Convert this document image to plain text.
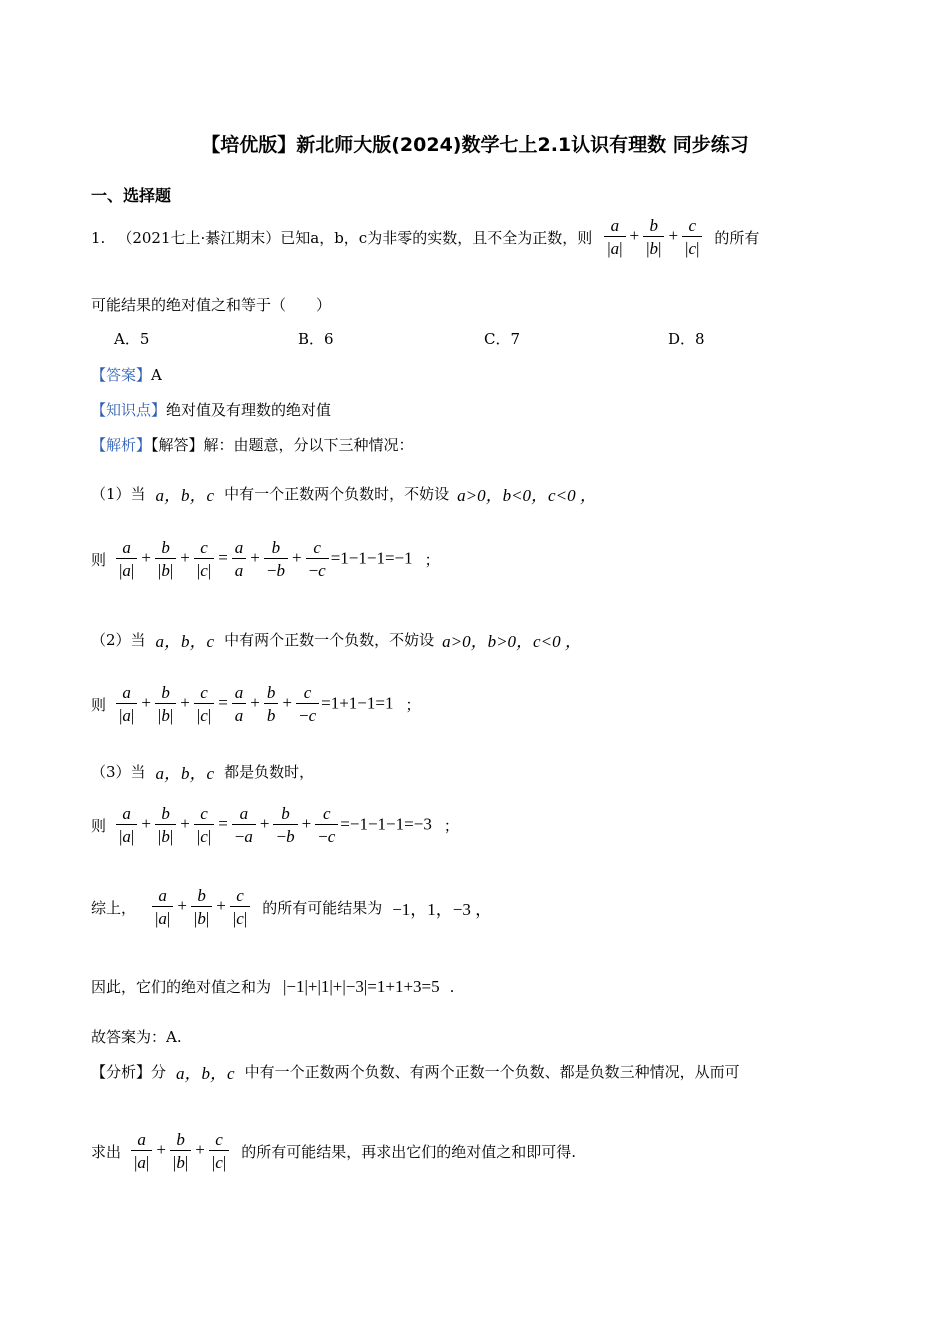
【培优版】新北师大版(2024)数学七上2.1认识有理数 同步练习
一、选择题
1. （2021七上·綦江期末） 已知a，b，c为非零的实数，且不全为正数，则 $\frac{a}{|a|} + \frac{b}{|b|} + \frac{c}{|c|}$ 的所有
可能结果的绝对值之和等于（　　）
A．5	B．6	C．7	D．8
【答案】A
【知识点】绝对值及有理数的绝对值
【解析】【解答】解：由题意，分以下三种情况：
（1）当 a，b，c 中有一个正数两个负数时，不妨设 a>0，b<0，c<0 ，
则 $\frac{a}{|a|} + \frac{b}{|b|} + \frac{c}{|c|} = \frac{a}{a} + \frac{b}{-b} + \frac{c}{-c} =1-1-1=-1$ ；
（2）当 a，b，c 中有两个正数一个负数，不妨设 a>0，b>0，c<0 ，
则 $\frac{a}{|a|} + \frac{b}{|b|} + \frac{c}{|c|} = \frac{a}{a} + \frac{b}{b} + \frac{c}{-c} =1+1-1=1$ ；
（3）当 a，b，c 都是负数时，
则 $\frac{a}{|a|} + \frac{b}{|b|} + \frac{c}{|c|} = \frac{a}{-a} + \frac{b}{-b} + \frac{c}{-c} =-1-1-1=-3$ ；
综上， $\frac{a}{|a|} + \frac{b}{|b|} + \frac{c}{|c|}$ 的所有可能结果为 −1，1，−3 ，
因此，它们的绝对值之和为 |−1|+|1|+|−3|=1+1+3=5 .
故答案为：A.
【分析】 分 a，b，c 中有一个正数两个负数、有两个正数一个负数、都是负数三种情况，从而可
求出 $\frac{a}{|a|} + \frac{b}{|b|} + \frac{c}{|c|}$ 的所有可能结果，再求出它们的绝对值之和即可得.
